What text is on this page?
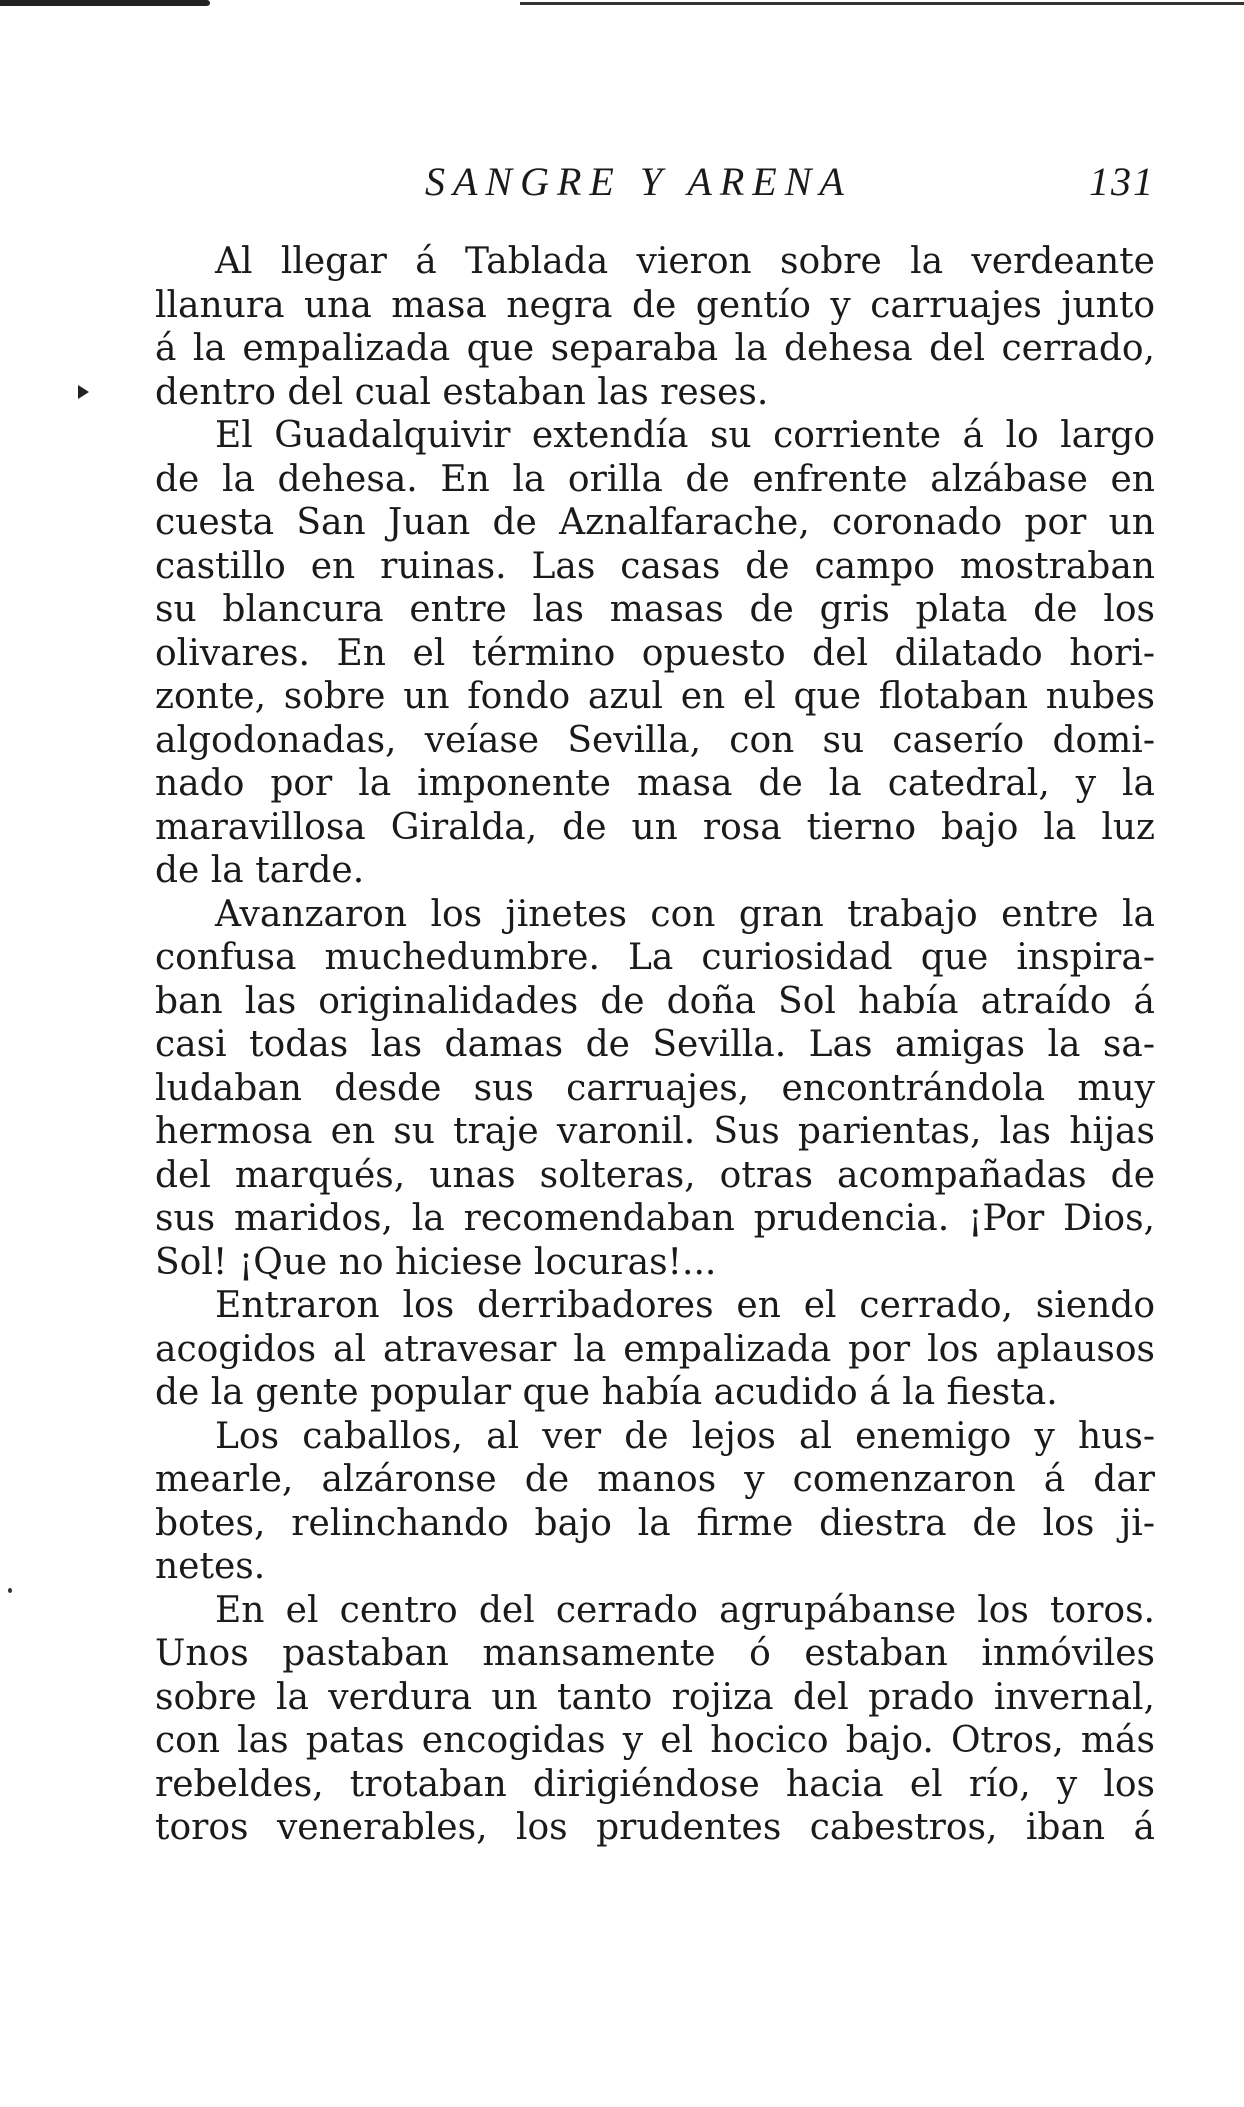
SANGRE Y ARENA	131
Al llegar á Tablada vieron sobre la verdeante
llanura una masa negra de gentío y carruajes junto
á la empalizada que separaba la dehesa del cerrado,
dentro del cual estaban las reses.
El Guadalquivir extendía su corriente á lo largo
de la dehesa. En la orilla de enfrente alzábase en
cuesta San Juan de Aznalfarache, coronado por un
castillo en ruinas. Las casas de campo mostraban
su blancura entre las masas de gris plata de los
olivares. En el término opuesto del dilatado hori-
zonte, sobre un fondo azul en el que flotaban nubes
algodonadas, veíase Sevilla, con su caserío domi-
nado por la imponente masa de la catedral, y la
maravillosa Giralda, de un rosa tierno bajo la luz
de la tarde.
Avanzaron los jinetes con gran trabajo entre la
confusa muchedumbre. La curiosidad que inspira-
ban las originalidades de doña Sol había atraído á
casi todas las damas de Sevilla. Las amigas la sa-
ludaban desde sus carruajes, encontrándola muy
hermosa en su traje varonil. Sus parientas, las hijas
del marqués, unas solteras, otras acompañadas de
sus maridos, la recomendaban prudencia. ¡Por Dios,
Sol! ¡Que no hiciese locuras!...
Entraron los derribadores en el cerrado, siendo
acogidos al atravesar la empalizada por los aplausos
de la gente popular que había acudido á la fiesta.
Los caballos, al ver de lejos al enemigo y hus-
mearle, alzáronse de manos y comenzaron á dar
botes, relinchando bajo la firme diestra de los ji-
netes.
En el centro del cerrado agrupábanse los toros.
Unos pastaban mansamente ó estaban inmóviles
sobre la verdura un tanto rojiza del prado invernal,
con las patas encogidas y el hocico bajo. Otros, más
rebeldes, trotaban dirigiéndose hacia el río, y los
toros venerables, los prudentes cabestros, iban á
